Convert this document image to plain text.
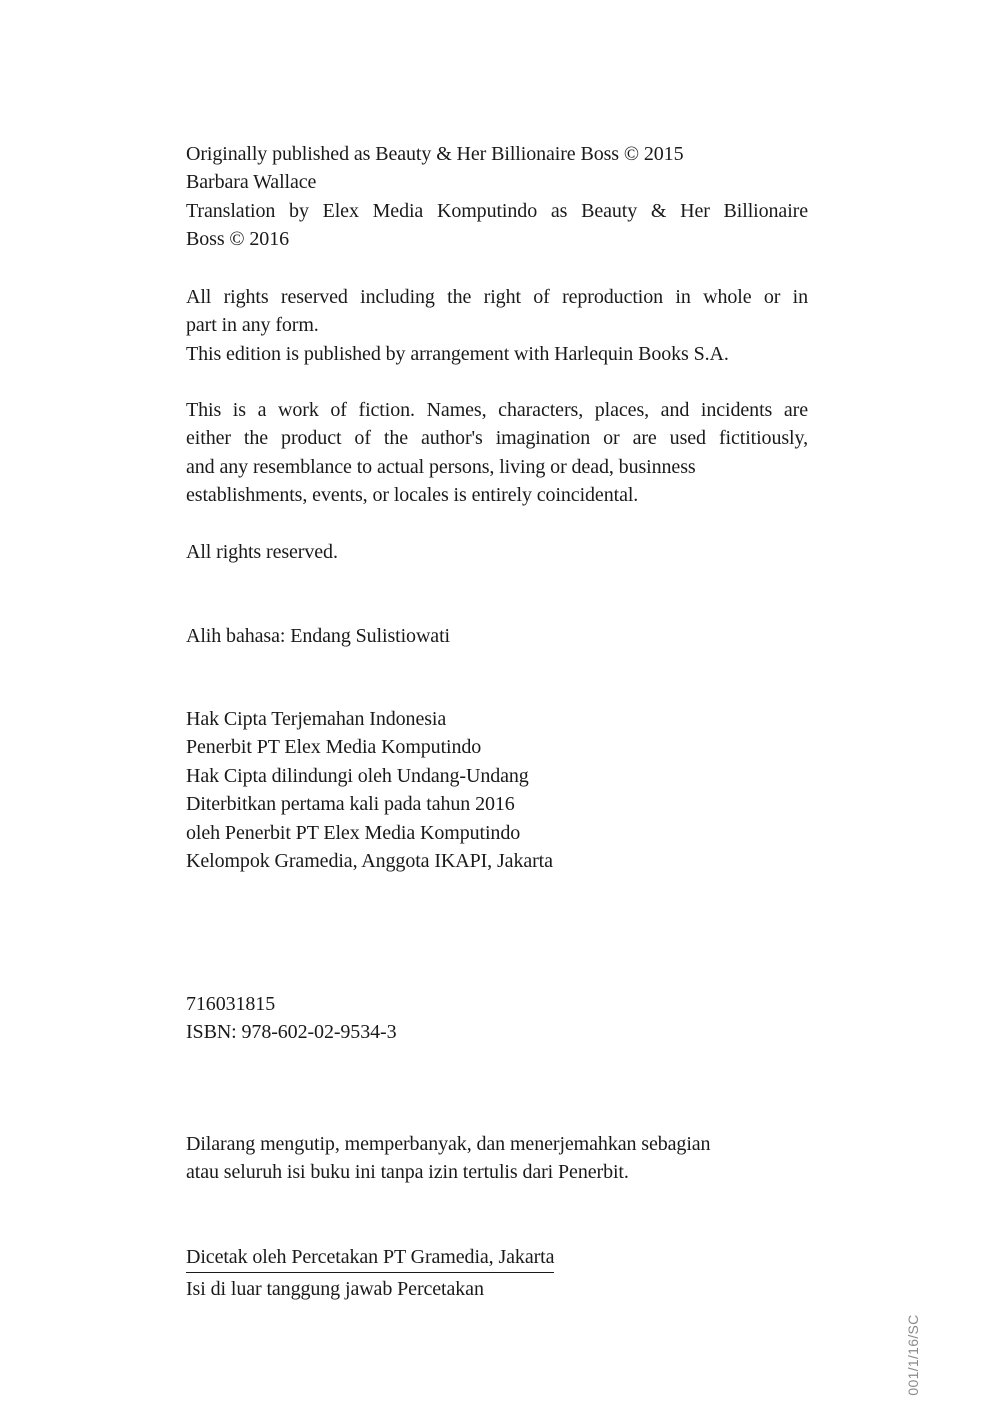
Originally published as Beauty & Her Billionaire Boss © 2015
Barbara Wallace
Translation by Elex Media Komputindo as Beauty & Her Billionaire
Boss © 2016
All rights reserved including the right of reproduction in whole or in
part in any form.
This edition is published by arrangement with Harlequin Books S.A.
This is a work of fiction. Names, characters, places, and incidents are
either the product of the author's imagination or are used fictitiously,
and any resemblance to actual persons, living or dead, businness
establishments, events, or locales is entirely coincidental.
All rights reserved.
Alih bahasa: Endang Sulistiowati
Hak Cipta Terjemahan Indonesia
Penerbit PT Elex Media Komputindo
Hak Cipta dilindungi oleh Undang-Undang
Diterbitkan pertama kali pada tahun 2016
oleh Penerbit PT Elex Media Komputindo
Kelompok Gramedia, Anggota IKAPI, Jakarta
716031815
ISBN: 978-602-02-9534-3
Dilarang mengutip, memperbanyak, dan menerjemahkan sebagian
atau seluruh isi buku ini tanpa izin tertulis dari Penerbit.
Dicetak oleh Percetakan PT Gramedia, Jakarta
Isi di luar tanggung jawab Percetakan
001/1/16/SC
